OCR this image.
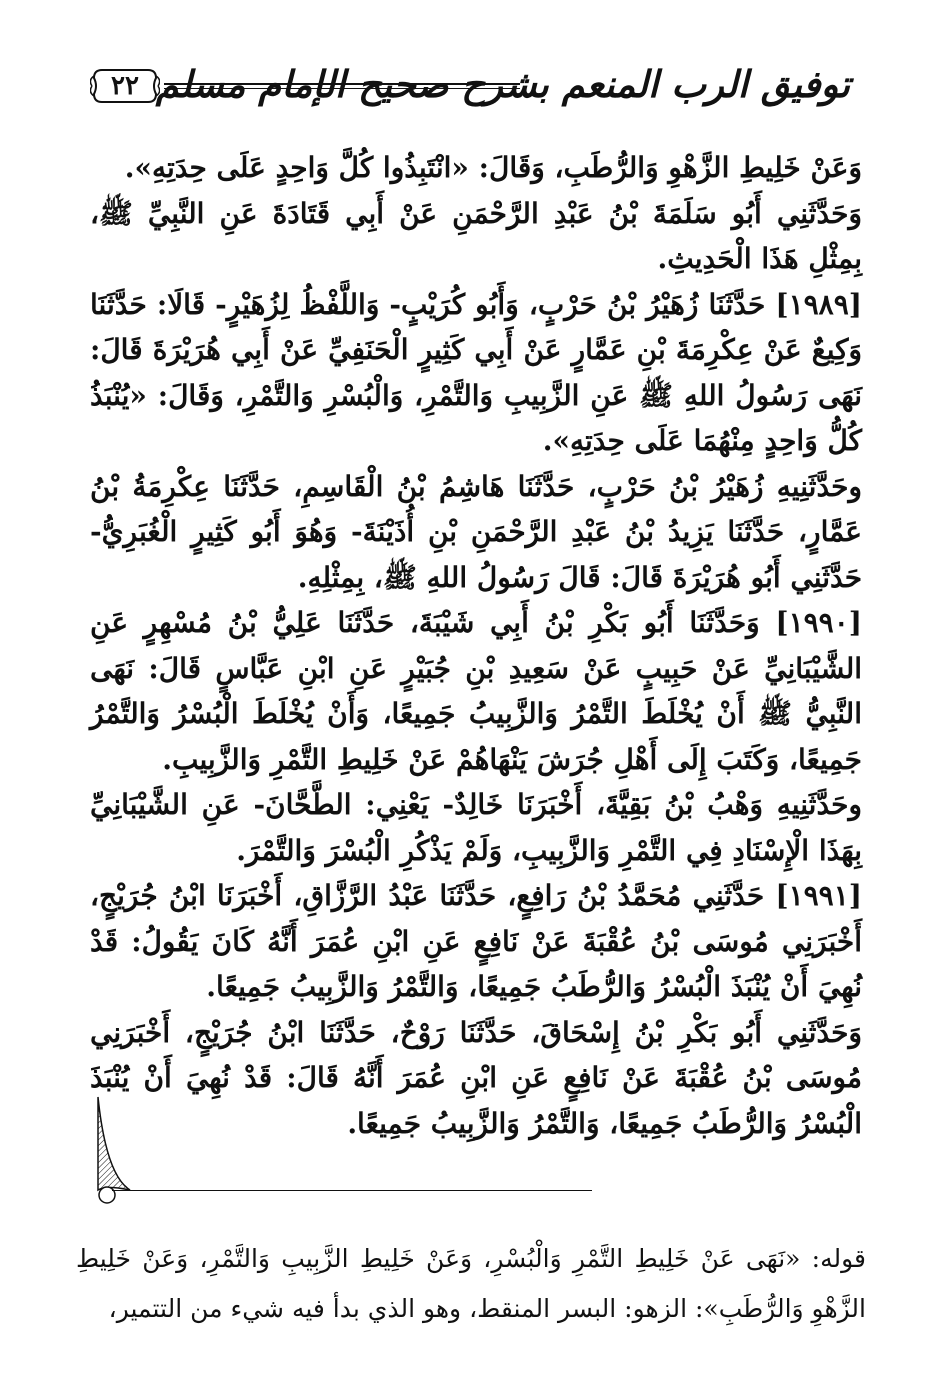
٢٢ توفيق الرب المنعم بشرح صحيح الإمام مسلم

وَعَنْ خَلِيطِ الزَّهْوِ وَالرُّطَبِ، وَقَالَ: «انْتَبِذُوا كُلَّ وَاحِدٍ عَلَى حِدَتِهِ».

وَحَدَّثَنِي أَبُو سَلَمَةَ بْنُ عَبْدِ الرَّحْمَنِ عَنْ أَبِي قَتَادَةَ عَنِ النَّبِيِّ ﷺ، بِمِثْلِ هَذَا الْحَدِيثِ.

[١٩٨٩] حَدَّثَنَا زُهَيْرُ بْنُ حَرْبٍ، وَأَبُو كُرَيْبٍ- وَاللَّفْظُ لِزُهَيْرٍ- قَالَا: حَدَّثَنَا وَكِيعٌ عَنْ عِكْرِمَةَ بْنِ عَمَّارٍ عَنْ أَبِي كَثِيرٍ الْحَنَفِيِّ عَنْ أَبِي هُرَيْرَةَ قَالَ: نَهَى رَسُولُ اللهِ ﷺ عَنِ الزَّبِيبِ وَالتَّمْرِ، وَالْبُسْرِ وَالتَّمْرِ، وَقَالَ: «يُنْبَذُ كُلُّ وَاحِدٍ مِنْهُمَا عَلَى حِدَتِهِ».

وحَدَّثَنِيهِ زُهَيْرُ بْنُ حَرْبٍ، حَدَّثَنَا هَاشِمُ بْنُ الْقَاسِمِ، حَدَّثَنَا عِكْرِمَةُ بْنُ عَمَّارٍ، حَدَّثَنَا يَزِيدُ بْنُ عَبْدِ الرَّحْمَنِ بْنِ أُذَيْنَةَ- وَهُوَ أَبُو كَثِيرٍ الْغُبَرِيُّ- حَدَّثَنِي أَبُو هُرَيْرَةَ قَالَ: قَالَ رَسُولُ اللهِ ﷺ، بِمِثْلِهِ.

[١٩٩٠] وَحَدَّثَنَا أَبُو بَكْرِ بْنُ أَبِي شَيْبَةَ، حَدَّثَنَا عَلِيُّ بْنُ مُسْهِرٍ عَنِ الشَّيْبَانِيِّ عَنْ حَبِيبٍ عَنْ سَعِيدِ بْنِ جُبَيْرٍ عَنِ ابْنِ عَبَّاسٍ قَالَ: نَهَى النَّبِيُّ ﷺ أَنْ يُخْلَطَ التَّمْرُ وَالزَّبِيبُ جَمِيعًا، وَأَنْ يُخْلَطَ الْبُسْرُ وَالتَّمْرُ جَمِيعًا، وَكَتَبَ إِلَى أَهْلِ جُرَشَ يَنْهَاهُمْ عَنْ خَلِيطِ التَّمْرِ وَالزَّبِيبِ.

وحَدَّثَنِيهِ وَهْبُ بْنُ بَقِيَّةَ، أَخْبَرَنَا خَالِدٌ- يَعْنِي: الطَّحَّانَ- عَنِ الشَّيْبَانِيِّ بِهَذَا الْإِسْنَادِ فِي التَّمْرِ وَالزَّبِيبِ، وَلَمْ يَذْكُرِ الْبُسْرَ وَالتَّمْرَ.

[١٩٩١] حَدَّثَنِي مُحَمَّدُ بْنُ رَافِعٍ، حَدَّثَنَا عَبْدُ الرَّزَّاقِ، أَخْبَرَنَا ابْنُ جُرَيْجٍ، أَخْبَرَنِي مُوسَى بْنُ عُقْبَةَ عَنْ نَافِعٍ عَنِ ابْنِ عُمَرَ أَنَّهُ كَانَ يَقُولُ: قَدْ نُهِيَ أَنْ يُنْبَذَ الْبُسْرُ وَالرُّطَبُ جَمِيعًا، وَالتَّمْرُ وَالزَّبِيبُ جَمِيعًا.

وَحَدَّثَنِي أَبُو بَكْرِ بْنُ إِسْحَاقَ، حَدَّثَنَا رَوْحٌ، حَدَّثَنَا ابْنُ جُرَيْجٍ، أَخْبَرَنِي مُوسَى بْنُ عُقْبَةَ عَنْ نَافِعٍ عَنِ ابْنِ عُمَرَ أَنَّهُ قَالَ: قَدْ نُهِيَ أَنْ يُنْبَذَ الْبُسْرُ وَالرُّطَبُ جَمِيعًا، وَالتَّمْرُ وَالزَّبِيبُ جَمِيعًا.

قوله: «نَهَى عَنْ خَلِيطِ التَّمْرِ وَالْبُسْرِ، وَعَنْ خَلِيطِ الزَّبِيبِ وَالتَّمْرِ، وَعَنْ خَلِيطِ الزَّهْوِ وَالرُّطَبِ»: الزهو: البسر المنقط، وهو الذي بدأ فيه شيء من التتمير،
